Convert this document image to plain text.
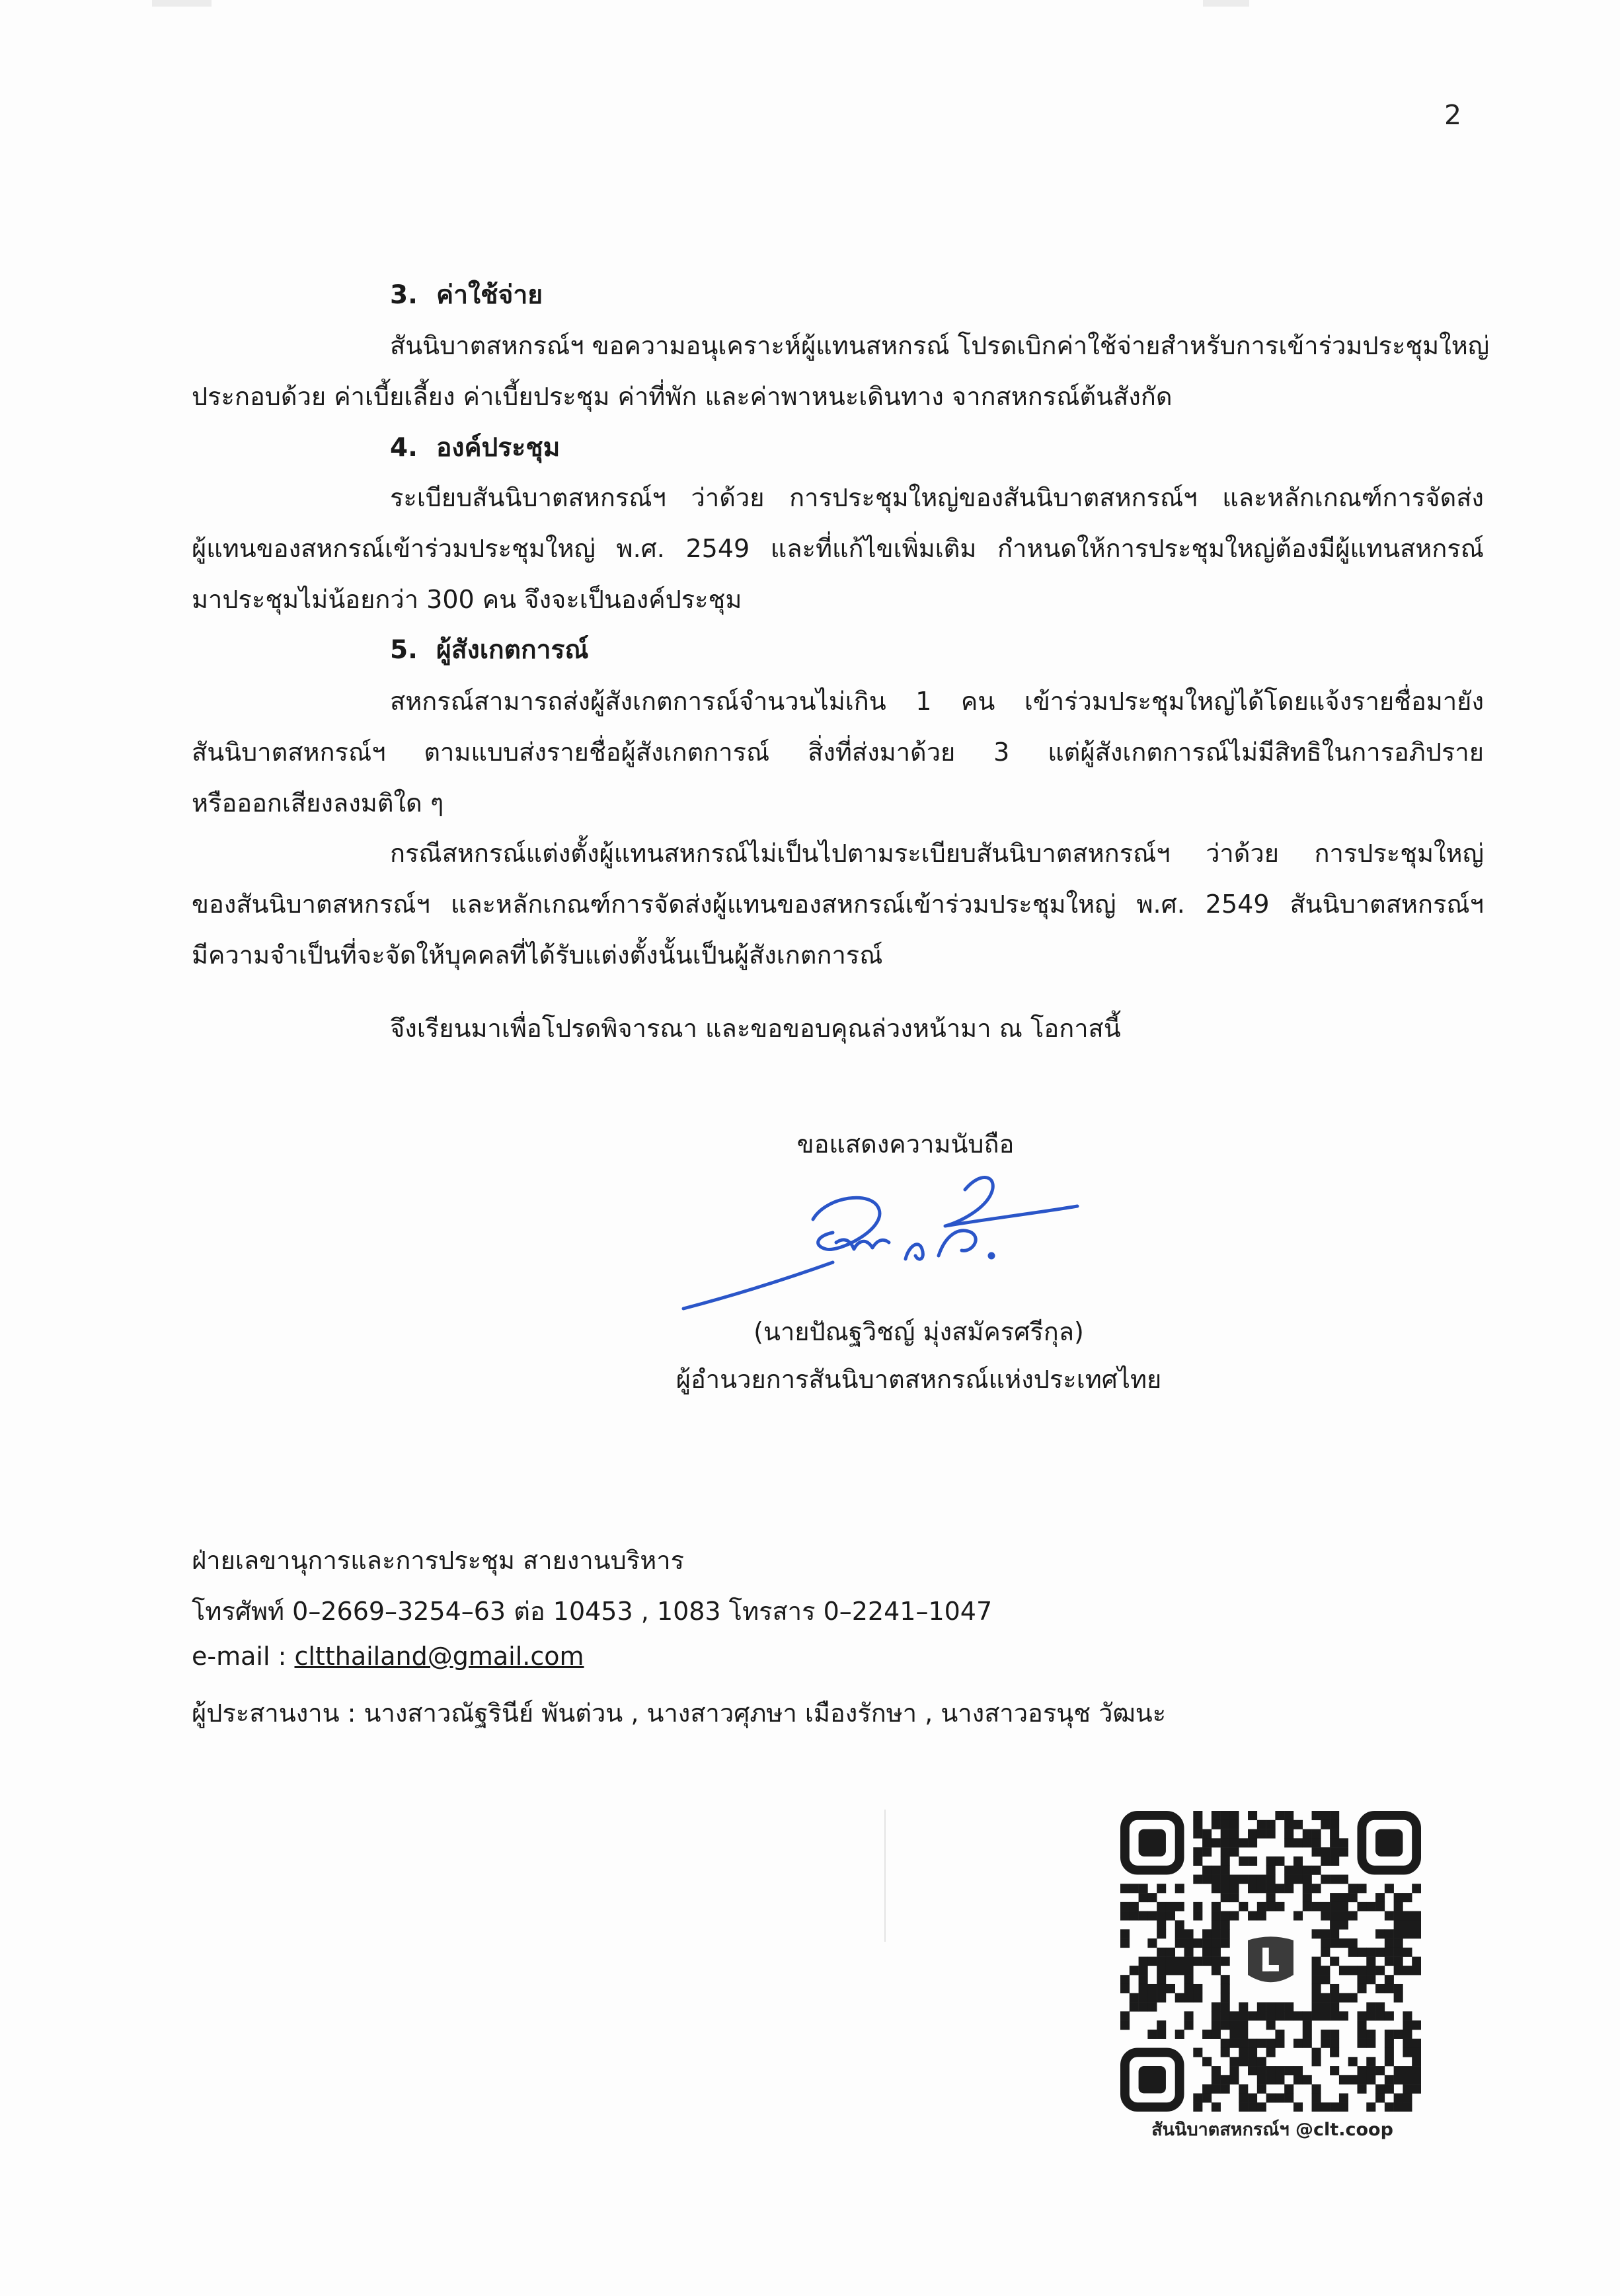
2
3. ค่าใช้จ่าย
สันนิบาตสหกรณ์ฯ ขอความอนุเคราะห์ผู้แทนสหกรณ์ โปรดเบิกค่าใช้จ่ายสำหรับการเข้าร่วมประชุมใหญ่
ประกอบด้วย ค่าเบี้ยเลี้ยง ค่าเบี้ยประชุม ค่าที่พัก และค่าพาหนะเดินทาง จากสหกรณ์ต้นสังกัด
4. องค์ประชุม
ระเบียบสันนิบาตสหกรณ์ฯ ว่าด้วย การประชุมใหญ่ของสันนิบาตสหกรณ์ฯ และหลักเกณฑ์การจัดส่ง
ผู้แทนของสหกรณ์เข้าร่วมประชุมใหญ่ พ.ศ. 2549 และที่แก้ไขเพิ่มเติม กำหนดให้การประชุมใหญ่ต้องมีผู้แทนสหกรณ์
มาประชุมไม่น้อยกว่า 300 คน จึงจะเป็นองค์ประชุม
5. ผู้สังเกตการณ์
สหกรณ์สามารถส่งผู้สังเกตการณ์จำนวนไม่เกิน 1 คน เข้าร่วมประชุมใหญ่ได้โดยแจ้งรายชื่อมายัง
สันนิบาตสหกรณ์ฯ ตามแบบส่งรายชื่อผู้สังเกตการณ์ สิ่งที่ส่งมาด้วย 3 แต่ผู้สังเกตการณ์ไม่มีสิทธิในการอภิปราย
หรือออกเสียงลงมติใด ๆ
กรณีสหกรณ์แต่งตั้งผู้แทนสหกรณ์ไม่เป็นไปตามระเบียบสันนิบาตสหกรณ์ฯ ว่าด้วย การประชุมใหญ่
ของสันนิบาตสหกรณ์ฯ และหลักเกณฑ์การจัดส่งผู้แทนของสหกรณ์เข้าร่วมประชุมใหญ่ พ.ศ. 2549 สันนิบาตสหกรณ์ฯ
มีความจำเป็นที่จะจัดให้บุคคลที่ได้รับแต่งตั้งนั้นเป็นผู้สังเกตการณ์
จึงเรียนมาเพื่อโปรดพิจารณา และขอขอบคุณล่วงหน้ามา ณ โอกาสนี้
ขอแสดงความนับถือ
(นายปัณฐวิชญ์ มุ่งสมัครศรีกุล)
ผู้อำนวยการสันนิบาตสหกรณ์แห่งประเทศไทย
ฝ่ายเลขานุการและการประชุม สายงานบริหาร
โทรศัพท์ 0–2669–3254–63 ต่อ 10453 , 1083 โทรสาร 0–2241–1047
e-mail : cltthailand@gmail.com
ผู้ประสานงาน : นางสาวณัฐรินีย์ พันต่วน , นางสาวศุภษา เมืองรักษา , นางสาวอรนุช วัฒนะ
สันนิบาตสหกรณ์ฯ @clt.coop
